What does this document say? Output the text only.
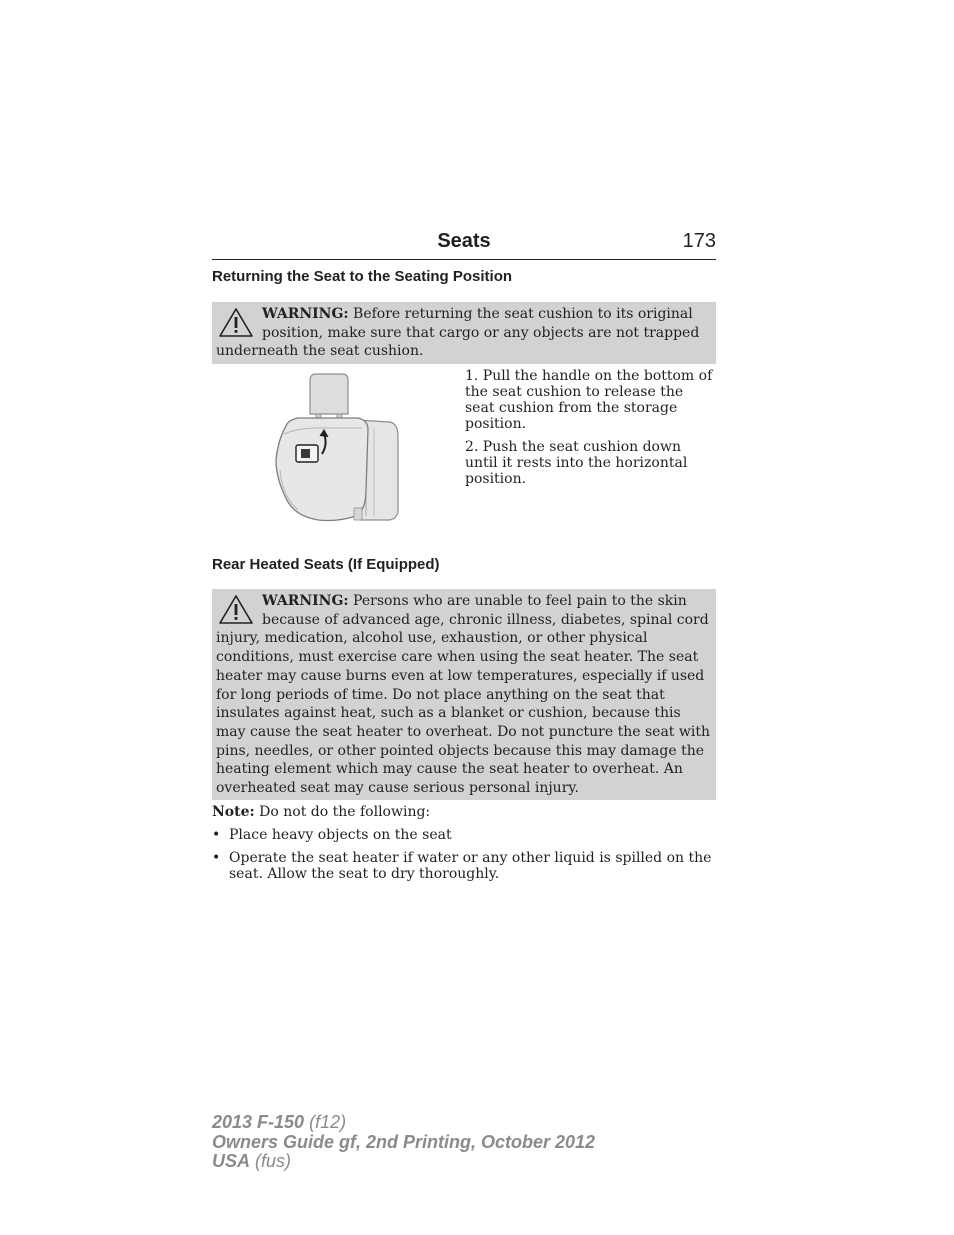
Seats	173
Returning the Seat to the Seating Position
WARNING: Before returning the seat cushion to its original position, make sure that cargo or any objects are not trapped underneath the seat cushion.

1. Pull the handle on the bottom of the seat cushion to release the seat cushion from the storage position.

2. Push the seat cushion down until it rests into the horizontal position.

Rear Heated Seats (If Equipped)
WARNING: Persons who are unable to feel pain to the skin because of advanced age, chronic illness, diabetes, spinal cord injury, medication, alcohol use, exhaustion, or other physical conditions, must exercise care when using the seat heater. The seat heater may cause burns even at low temperatures, especially if used for long periods of time. Do not place anything on the seat that insulates against heat, such as a blanket or cushion, because this may cause the seat heater to overheat. Do not puncture the seat with pins, needles, or other pointed objects because this may damage the heating element which may cause the seat heater to overheat. An overheated seat may cause serious personal injury.
Note: Do not do the following:
• Place heavy objects on the seat
• Operate the seat heater if water or any other liquid is spilled on the seat. Allow the seat to dry thoroughly.
2013 F-150 (f12)
Owners Guide gf, 2nd Printing, October 2012
USA (fus)
